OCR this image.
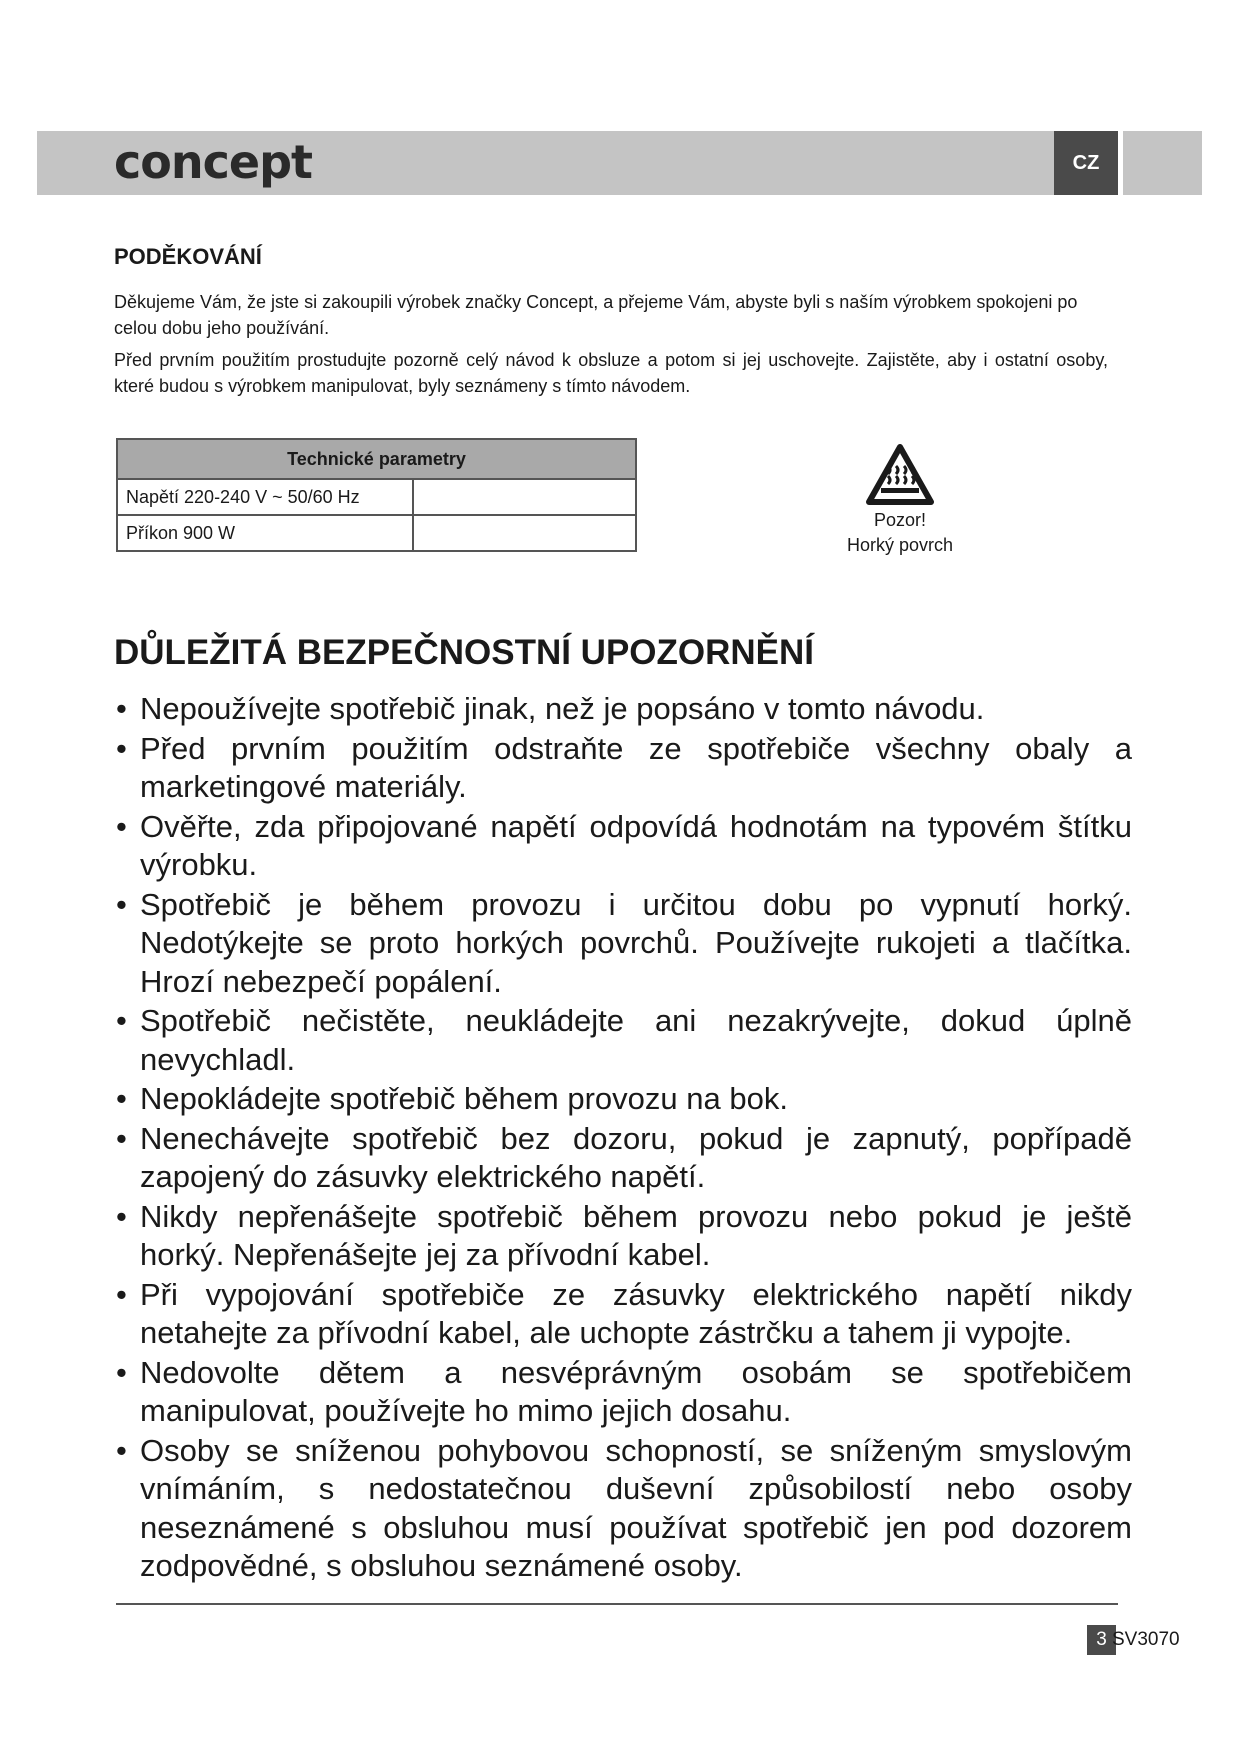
concept	CZ
PODĚKOVÁNÍ

Děkujeme Vám, že jste si zakoupili výrobek značky Concept, a přejeme Vám, abyste byli s naším výrobkem spokojeni po celou dobu jeho používání.

Před prvním použitím prostudujte pozorně celý návod k obsluze a potom si jej uschovejte. Zajistěte, aby i ostatní osoby, které budou s výrobkem manipulovat, byly seznámeny s tímto návodem.

Technické parametry	
Napětí 220-240 V ~ 50/60 Hz	
Příkon 900 W	
Pozor!
Horký povrch
DŮLEŽITÁ BEZPEČNOSTNÍ UPOZORNĚNÍ
• Nepoužívejte spotřebič jinak, než je popsáno v tomto návodu.
• Před prvním použitím odstraňte ze spotřebiče všechny obaly a marketingové materiály.
• Ověřte, zda připojované napětí odpovídá hodnotám na typovém štítku výrobku.
• Spotřebič je během provozu i určitou dobu po vypnutí horký. Nedotýkejte se proto horkých povrchů. Používejte rukojeti a tlačítka. Hrozí nebezpečí popálení.
• Spotřebič nečistěte, neukládejte ani nezakrývejte, dokud úplně nevychladl.
• Nepokládejte spotřebič během provozu na bok.
• Nenechávejte spotřebič bez dozoru, pokud je zapnutý, popřípadě zapojený do zásuvky elektrického napětí.
• Nikdy nepřenášejte spotřebič během provozu nebo pokud je ještě horký. Nepřenášejte jej za přívodní kabel.
• Při vypojování spotřebiče ze zásuvky elektrického napětí nikdy netahejte za přívodní kabel, ale uchopte zástrčku a tahem ji vypojte.
• Nedovolte dětem a nesvéprávným osobám se spotřebičem manipulovat, používejte ho mimo jejich dosahu.
• Osoby se sníženou pohybovou schopností, se sníženým smyslovým vnímáním, s nedostatečnou duševní způsobilostí nebo osoby neseznámené s obsluhou musí používat spotřebič jen pod dozorem zodpovědné, s obsluhou seznámené osoby.
3 SV3070
